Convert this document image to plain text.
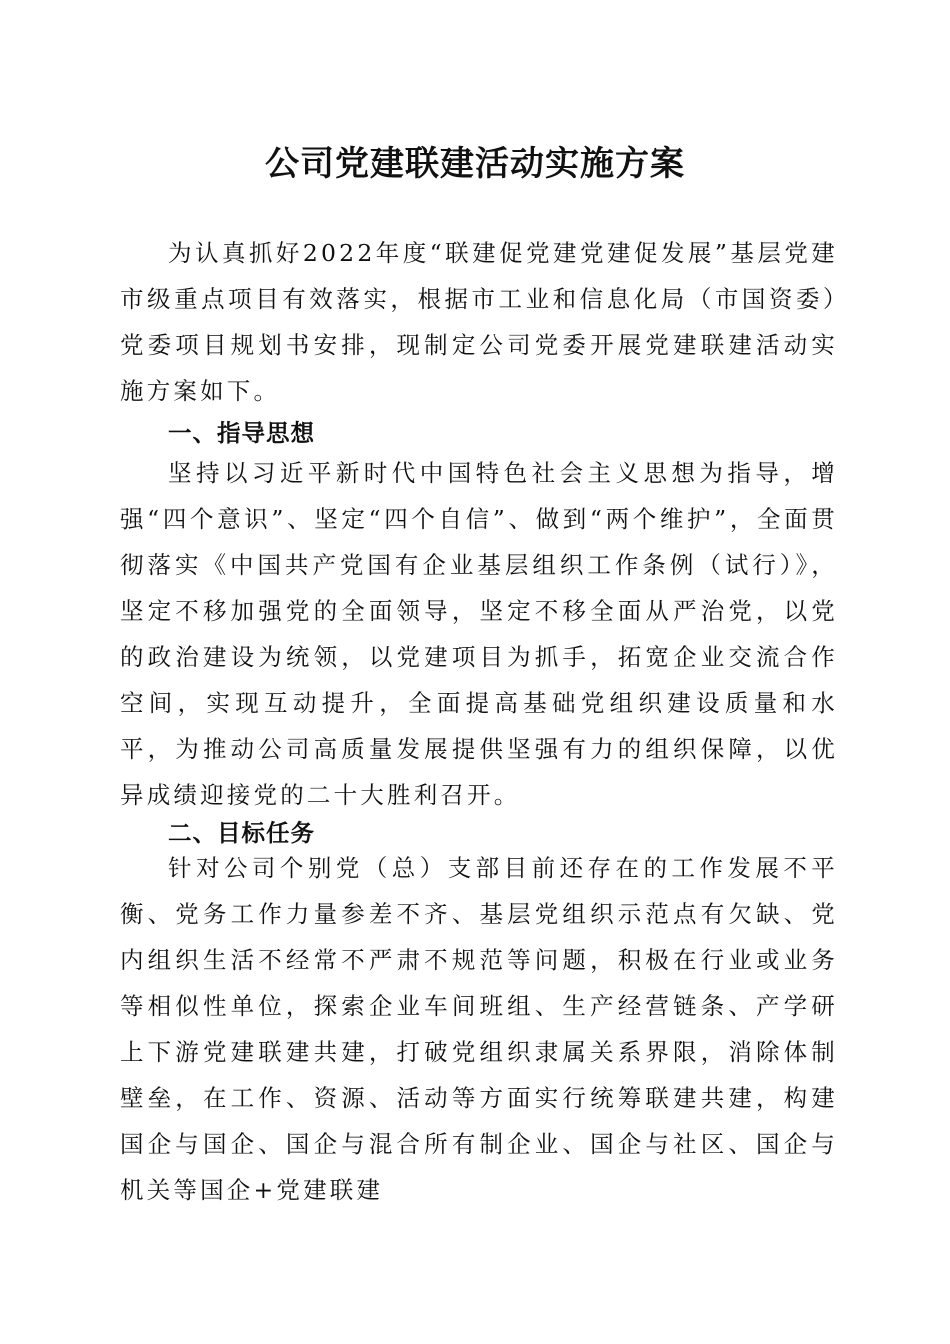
公司党建联建活动实施方案

为认真抓好2022年度“联建促党建党建促发展”基层党建市级重点项目有效落实，根据市工业和信息化局（市国资委）党委项目规划书安排，现制定公司党委开展党建联建活动实施方案如下。

一、指导思想

坚持以习近平新时代中国特色社会主义思想为指导，增强“四个意识”、坚定“四个自信”、做到“两个维护”，全面贯彻落实《中国共产党国有企业基层组织工作条例（试行）》，坚定不移加强党的全面领导，坚定不移全面从严治党，以党的政治建设为统领，以党建项目为抓手，拓宽企业交流合作空间，实现互动提升，全面提高基础党组织建设质量和水平，为推动公司高质量发展提供坚强有力的组织保障，以优异成绩迎接党的二十大胜利召开。

二、目标任务

针对公司个别党（总）支部目前还存在的工作发展不平衡、党务工作力量参差不齐、基层党组织示范点有欠缺、党内组织生活不经常不严肃不规范等问题，积极在行业或业务等相似性单位，探索企业车间班组、生产经营链条、产学研上下游党建联建共建，打破党组织隶属关系界限，消除体制壁垒，在工作、资源、活动等方面实行统筹联建共建，构建国企与国企、国企与混合所有制企业、国企与社区、国企与机关等国企+党建联建
